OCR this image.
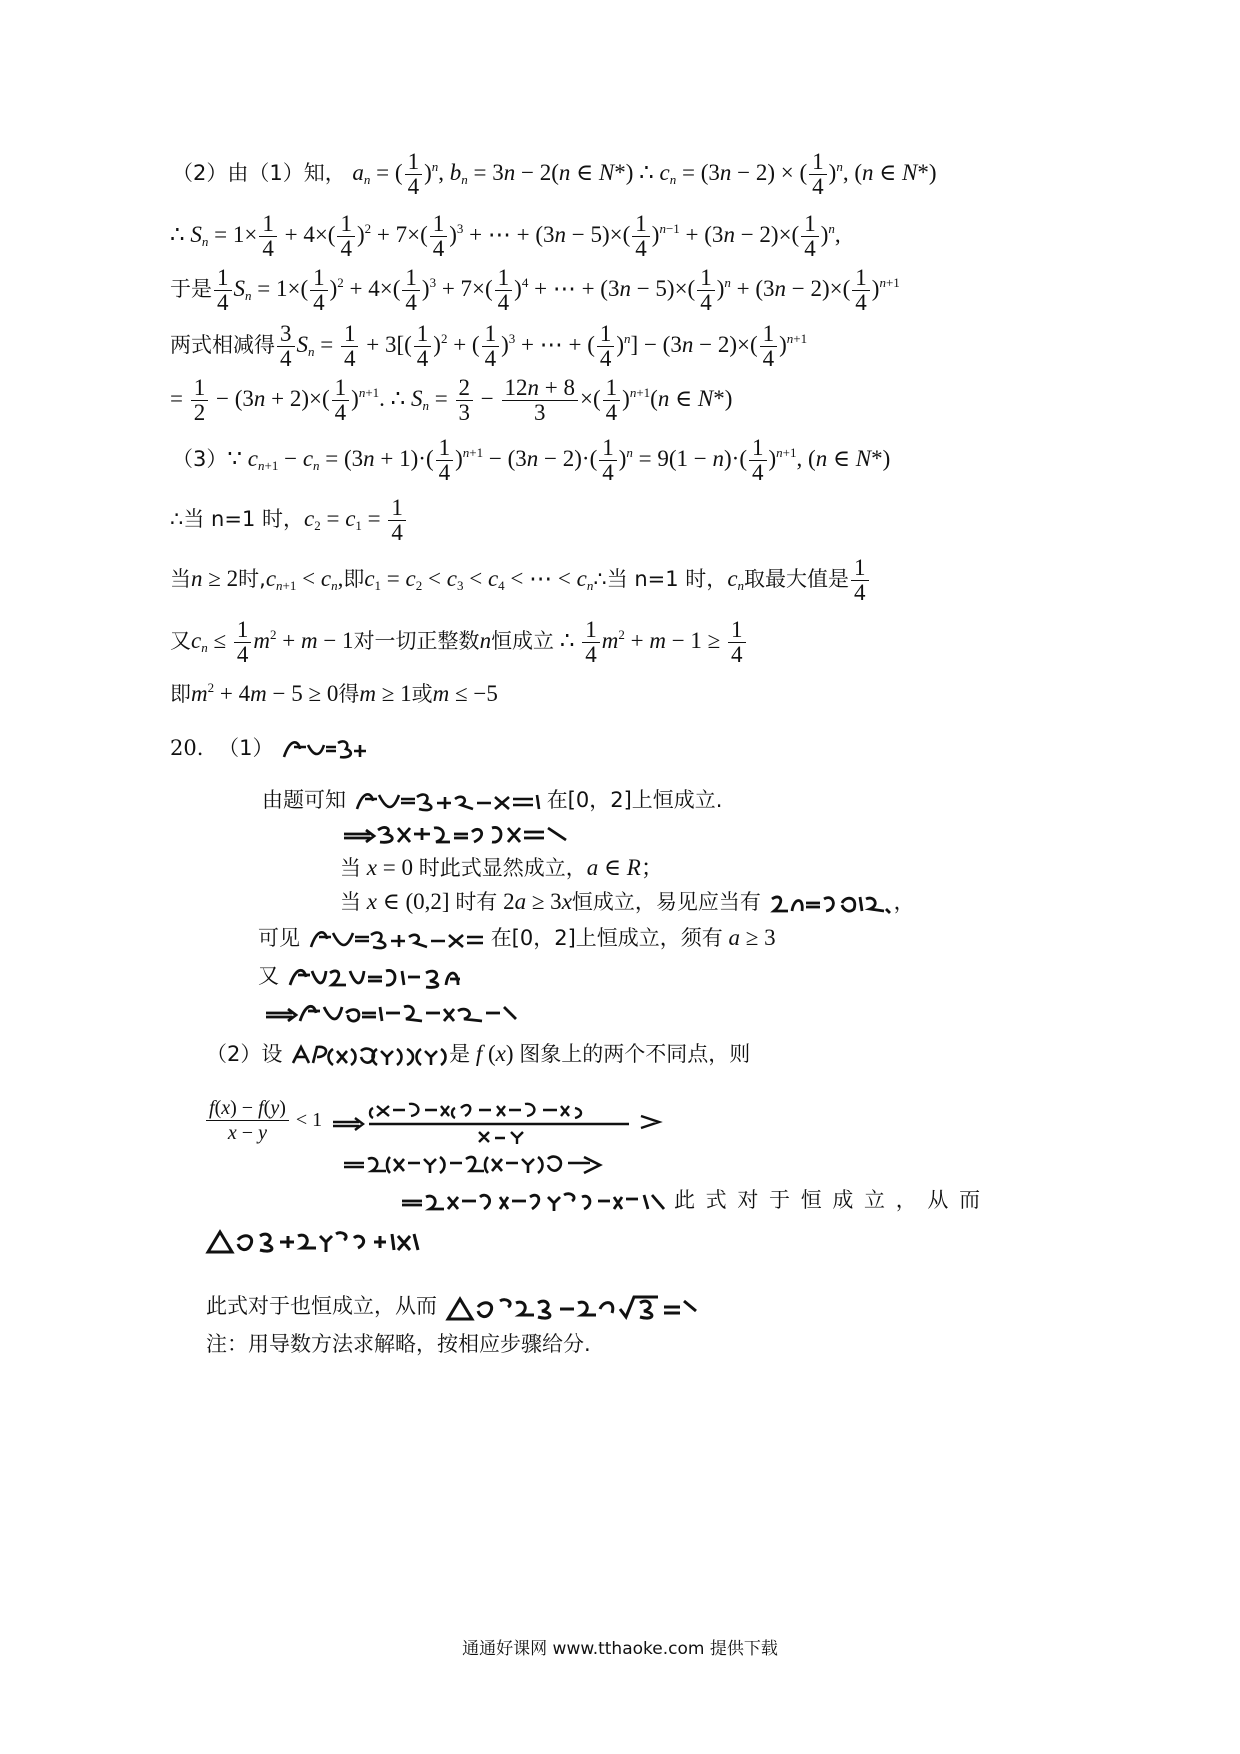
（2）由（1）知， $a_n$ = ( $\frac{1}{4} )^n$, $b_n = 3n - 2(n$ ∈ N*) ∴ $c_n = (3n - 2)$ × ( $\frac{1}{4} )^n$, (n ∈ N*)
∴ $S_n = 1\times \frac{1}{4} + 4\times( \frac{1}{4} )^2 + 7\times( \frac{1}{4} )^3$ + ⋯ + $(3n - 5)\times( \frac{1}{4} )^{n-1} + (3n - 2)\times( \frac{1}{4} )^n$,
于是 $\frac{1}{4} S_n = 1\times( \frac{1}{4} )^2 + 4\times( \frac{1}{4} )^3 + 7\times( \frac{1}{4} )^4$ + ⋯ + $(3n - 5)\times( \frac{1}{4} )^n + (3n - 2)\times( \frac{1}{4} )^{n+1}$
两式相减得 $\frac{3}{4} S_n = \frac{1}{4} + 3[( \frac{1}{4} )^2$ + ( $\frac{1}{4} )^3$ + ⋯ + ( $\frac{1}{4} )^n] - (3n - 2)\times( \frac{1}{4} )^{n+1}$
= $\frac{1}{2} - (3n + 2)\times( \frac{1}{4} )^{n+1}$. ∴ $S_n = \frac{2}{3} - \frac{12n + 8}{3}$ ×( $\frac{1}{4} )^{n+1}(n$ ∈ N*)
（3）∵ $c_{n+1} - c_n = (3n + 1)\cdot( \frac{1}{4} )^{n+1} - (3n - 2)\cdot( \frac{1}{4} )^n = 9(1 - n)\cdot( \frac{1}{4} )^{n+1}$, (n ∈ N*)
∴当 n=1 时，$c_2 = c_1 = \frac{1}{4}$
当n ≥ 2时$,c_{n+1} < c_n$,即$c_1 = c_2 < c_3 < c_4$ < ⋯ < $c_n\therefore$当 n=1 时，$c_n$取最大值是 $\frac{1}{4}$
又$c_n \le \frac{1}{4} m^2 + m - 1$对一切正整数n恒成立 ∴ $\frac{1}{4} m^2 + m - 1 \ge \frac{1}{4}$
即$m^2 + 4m - 5 \ge 0$得m ≥ 1或m ≤ −5
20. （1）
由题可知	在[0，2]上恒成立.
当 x = 0 时此式显然成立，a ∈ R；
当 x ∈ (0,2] 时有 2a ≥ 3x恒成立，易见应当有	，
可见	在[0，2]上恒成立，须有 a ≥ 3
又
（2）设	是 f (x) 图象上的两个不同点，则
$\frac{f(x) - f(y)}{x - y} < 1$
此 式 对 于 恒 成 立 ， 从 而
此式对于也恒成立，从而
注：用导数方法求解略，按相应步骤给分.
通通好课网 www.tthaoke.com 提供下载
